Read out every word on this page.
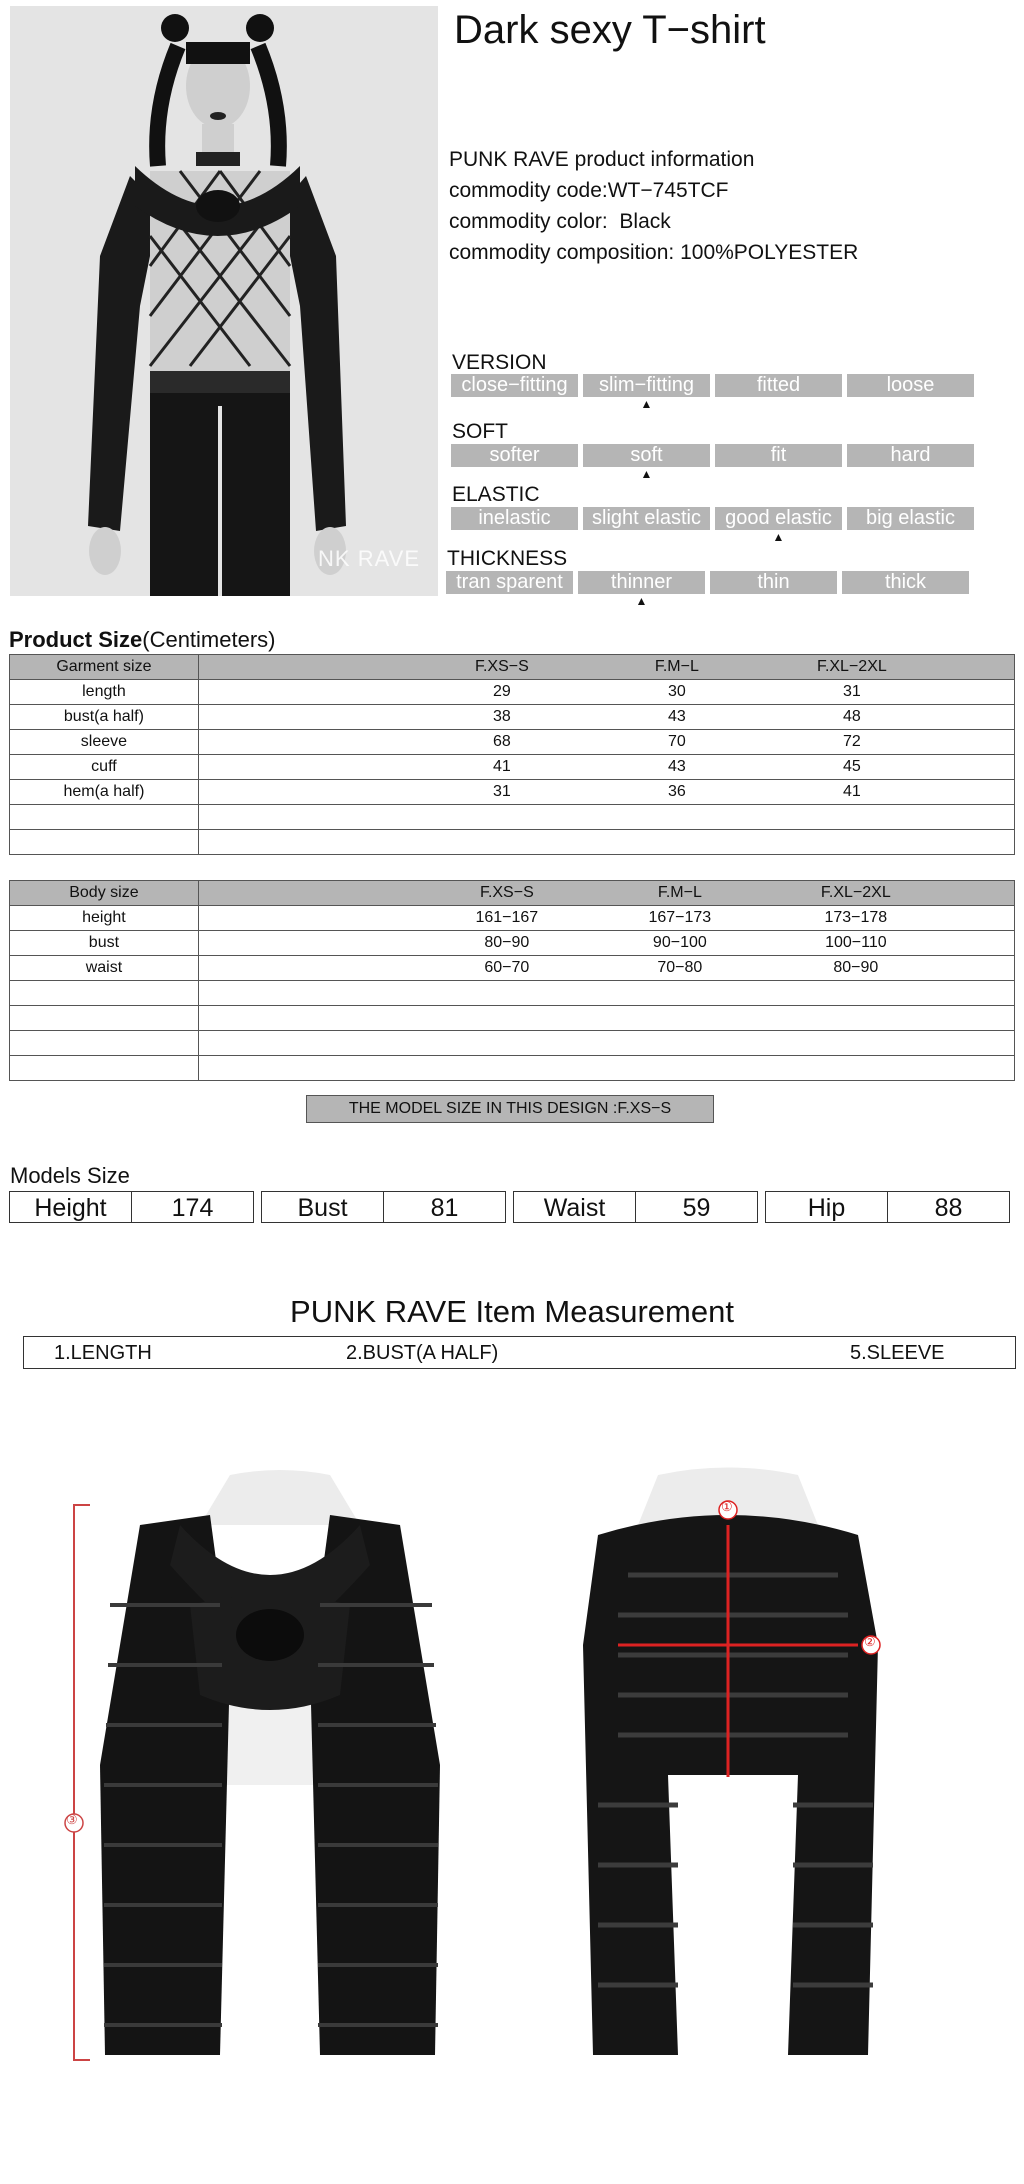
NK RAVE
Dark sexy T−shirt
PUNK RAVE product information
commodity code:WT−745TCF
commodity color: Black
commodity composition: 100%POLYESTER
VERSION
close−fitting	slim−fitting
▲
fitted	loose
SOFT
softer	soft
▲
fit	hard
ELASTIC
inelastic	slight elastic	good elastic
▲
big elastic
THICKNESS
tran sparent	thinner
▲
thin	thick
Product Size(Centimeters)
Garment size	F.XS−S F.M−L F.XL−2XL

length	29 30 31

bust(a half)	38 43 48

sleeve	68 70 72

cuff	41 43 45

hem(a half)	31 36 41

Body size	F.XS−S F.M−L F.XL−2XL

height	161−167 167−173 173−178

bust	80−90 90−100 100−110

waist	60−70 70−80 80−90

THE MODEL SIZE IN THIS DESIGN :F.XS−S
Models Size
Height	174	Bust	81	Waist	59	Hip	88
PUNK RAVE Item Measurement
1.LENGTH	2.BUST(A HALF)	5.SLEEVE
③
①
②
